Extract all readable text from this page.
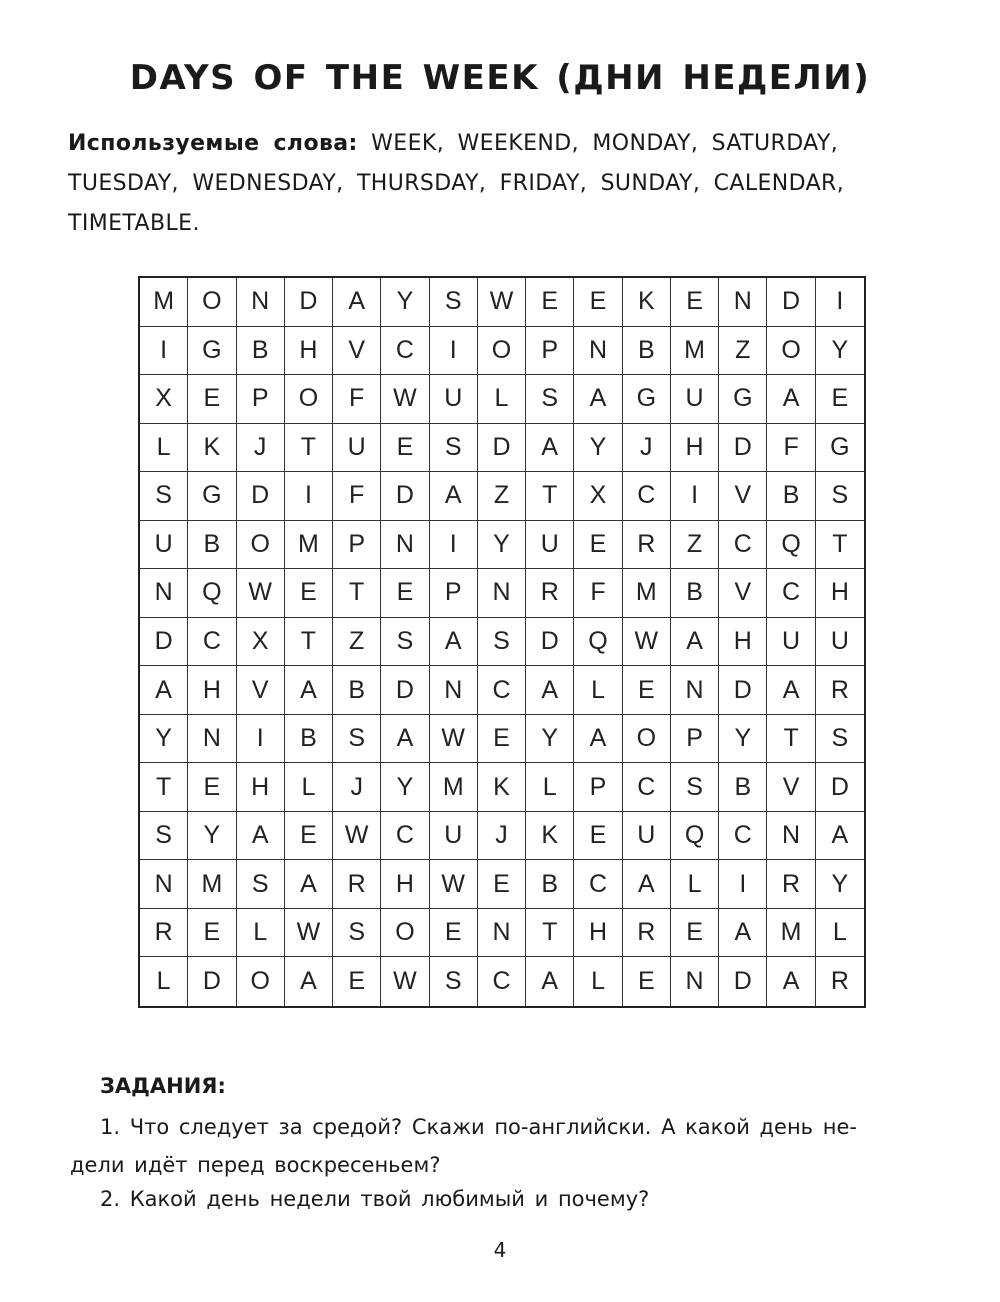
DAYS OF THE WEEK (ДНИ НЕДЕЛИ)
Используемые слова: WEEK, WEEKEND, MONDAY, SATURDAY, TUESDAY, WEDNESDAY, THURSDAY, FRIDAY, SUNDAY, CALENDAR, TIMETABLE.
M	O	N	D	A	Y	S	W	E	E	K	E	N	D	I
I	G	B	H	V	C	I	O	P	N	B	M	Z	O	Y
X	E	P	O	F	W	U	L	S	A	G	U	G	A	E
L	K	J	T	U	E	S	D	A	Y	J	H	D	F	G
S	G	D	I	F	D	A	Z	T	X	C	I	V	B	S
U	B	O	M	P	N	I	Y	U	E	R	Z	C	Q	T
N	Q	W	E	T	E	P	N	R	F	M	B	V	C	H
D	C	X	T	Z	S	A	S	D	Q	W	A	H	U	U
A	H	V	A	B	D	N	C	A	L	E	N	D	A	R
Y	N	I	B	S	A	W	E	Y	A	O	P	Y	T	S
T	E	H	L	J	Y	M	K	L	P	C	S	B	V	D
S	Y	A	E	W	C	U	J	K	E	U	Q	C	N	A
N	M	S	A	R	H	W	E	B	C	A	L	I	R	Y
R	E	L	W	S	O	E	N	T	H	R	E	A	M	L
L	D	O	A	E	W	S	C	A	L	E	N	D	A	R
ЗАДАНИЯ:
1. Что следует за средой? Скажи по-английски. А какой день не-
дели идёт перед воскресеньем?
2. Какой день недели твой любимый и почему?
4
